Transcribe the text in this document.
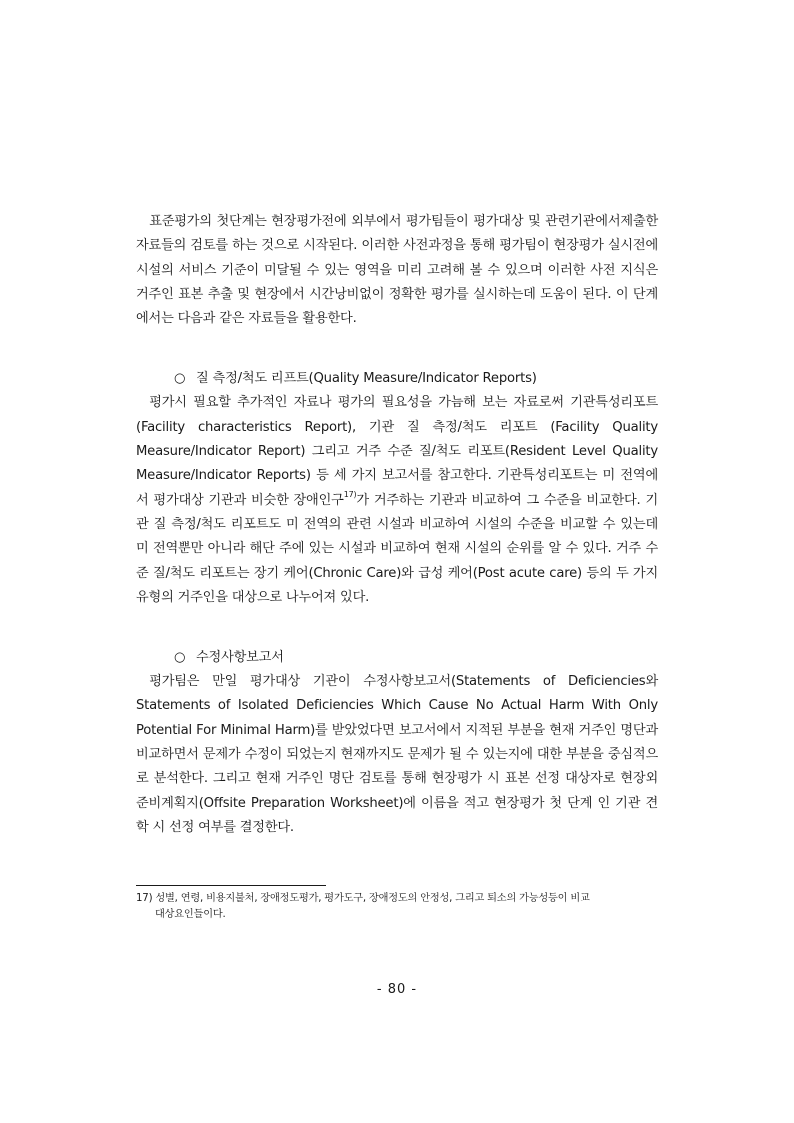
표준평가의 첫단계는 현장평가전에 외부에서 평가팀들이 평가대상 및 관련기관에서제출한 자료들의 검토를 하는 것으로 시작된다. 이러한 사전과정을 통해 평가팀이 현장평가 실시전에 시설의 서비스 기준이 미달될 수 있는 영역을 미리 고려해 볼 수 있으며 이러한 사전 지식은 거주인 표본 추출 및 현장에서 시간낭비없이 정확한 평가를 실시하는데 도움이 된다. 이 단계에서는 다음과 같은 자료들을 활용한다.

○ 질 측정/척도 리프트(Quality Measure/Indicator Reports)

평가시 필요할 추가적인 자료나 평가의 필요성을 가늠해 보는 자료로써 기관특성리포트 (Facility characteristics Report), 기관 질 측정/척도 리포트 (Facility Quality Measure/Indicator Report) 그리고 거주 수준 질/척도 리포트(Resident Level Quality Measure/Indicator Reports) 등 세 가지 보고서를 참고한다. 기관특성리포트는 미 전역에서 평가대상 기관과 비슷한 장애인구$^{17)}$가 거주하는 기관과 비교하여 그 수준을 비교한다. 기관 질 측정/척도 리포트도 미 전역의 관련 시설과 비교하여 시설의 수준을 비교할 수 있는데 미 전역뿐만 아니라 해단 주에 있는 시설과 비교하여 현재 시설의 순위를 알 수 있다. 거주 수준 질/척도 리포트는 장기 케어(Chronic Care)와 급성 케어(Post acute care) 등의 두 가지 유형의 거주인을 대상으로 나누어져 있다.

○ 수정사항보고서

평가팀은 만일 평가대상 기관이 수정사항보고서(Statements of Deficiencies와 Statements of Isolated Deficiencies Which Cause No Actual Harm With Only Potential For Minimal Harm)를 받았었다면 보고서에서 지적된 부분을 현재 거주인 명단과 비교하면서 문제가 수정이 되었는지 현재까지도 문제가 될 수 있는지에 대한 부분을 중심적으로 분석한다. 그리고 현재 거주인 명단 검토를 통해 현장평가 시 표본 선정 대상자로 현장외 준비계획지(Offsite Preparation Worksheet)에 이름을 적고 현장평가 첫 단계 인 기관 견학 시 선정 여부를 결정한다.

17) 성별, 연령, 비용지불처, 장애정도평가, 평가도구, 장애정도의 안정성, 그리고 퇴소의 가능성등이 비교
대상요인들이다.
- 80 -
